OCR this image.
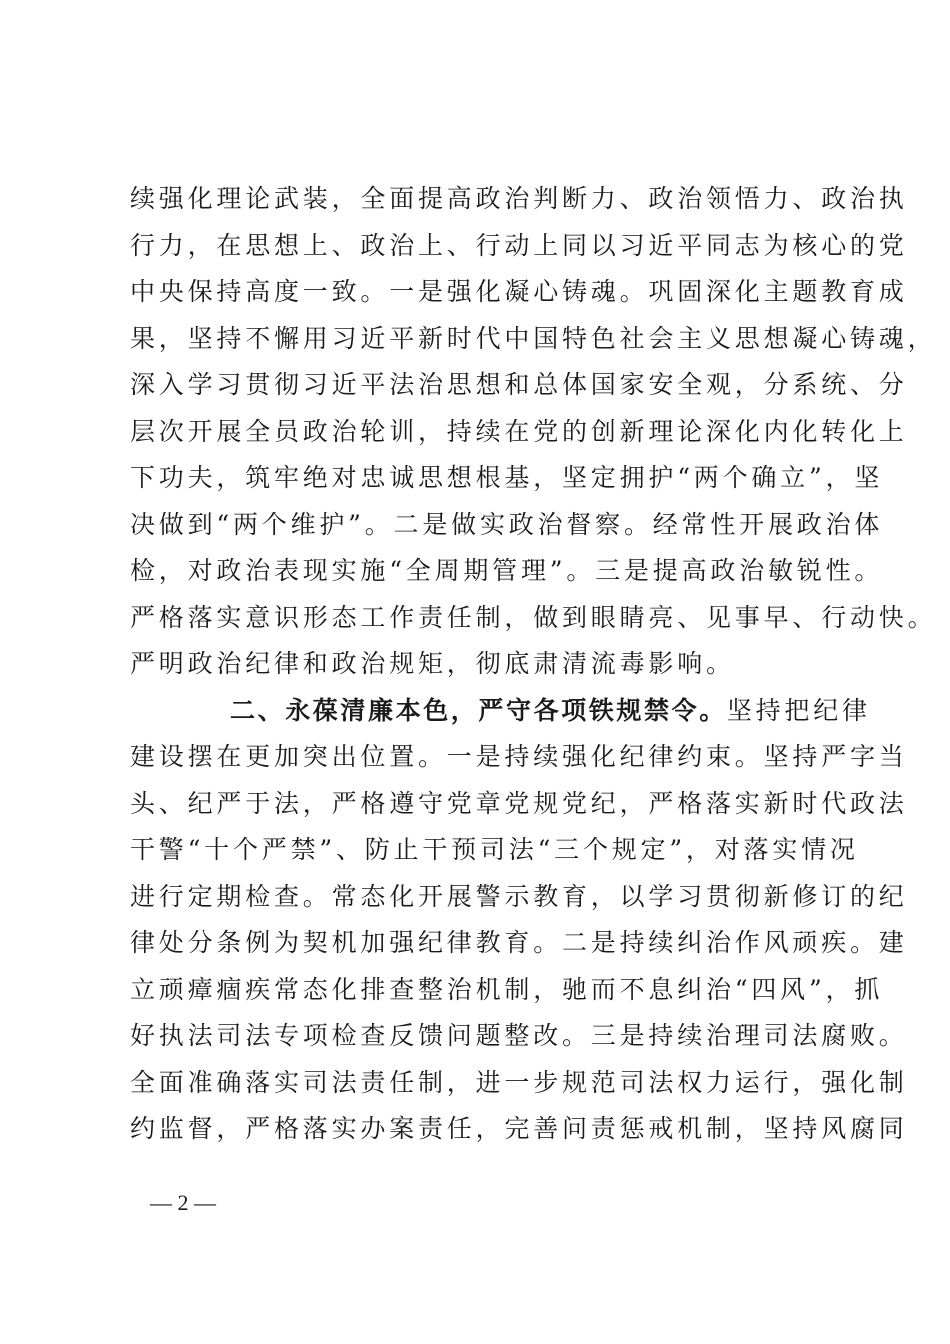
续强化理论武装，全面提高政治判断力、政治领悟力、政治执
行力，在思想上、政治上、行动上同以习近平同志为核心的党
中央保持高度一致。一是强化凝心铸魂。巩固深化主题教育成
果，坚持不懈用习近平新时代中国特色社会主义思想凝心铸魂，
深入学习贯彻习近平法治思想和总体国家安全观，分系统、分
层次开展全员政治轮训，持续在党的创新理论深化内化转化上
下功夫，筑牢绝对忠诚思想根基，坚定拥护“两个确立”，坚
决做到“两个维护”。二是做实政治督察。经常性开展政治体
检，对政治表现实施“全周期管理”。三是提高政治敏锐性。
严格落实意识形态工作责任制，做到眼睛亮、见事早、行动快。
严明政治纪律和政治规矩，彻底肃清流毒影响。
二、永葆清廉本色，严守各项铁规禁令。坚持把纪律
建设摆在更加突出位置。一是持续强化纪律约束。坚持严字当
头、纪严于法，严格遵守党章党规党纪，严格落实新时代政法
干警“十个严禁”、防止干预司法“三个规定”，对落实情况
进行定期检查。常态化开展警示教育，以学习贯彻新修订的纪
律处分条例为契机加强纪律教育。二是持续纠治作风顽疾。建
立顽瘴痼疾常态化排查整治机制，驰而不息纠治“四风”，抓
好执法司法专项检查反馈问题整改。三是持续治理司法腐败。
全面准确落实司法责任制，进一步规范司法权力运行，强化制
约监督，严格落实办案责任，完善问责惩戒机制，坚持风腐同
— 2 —
